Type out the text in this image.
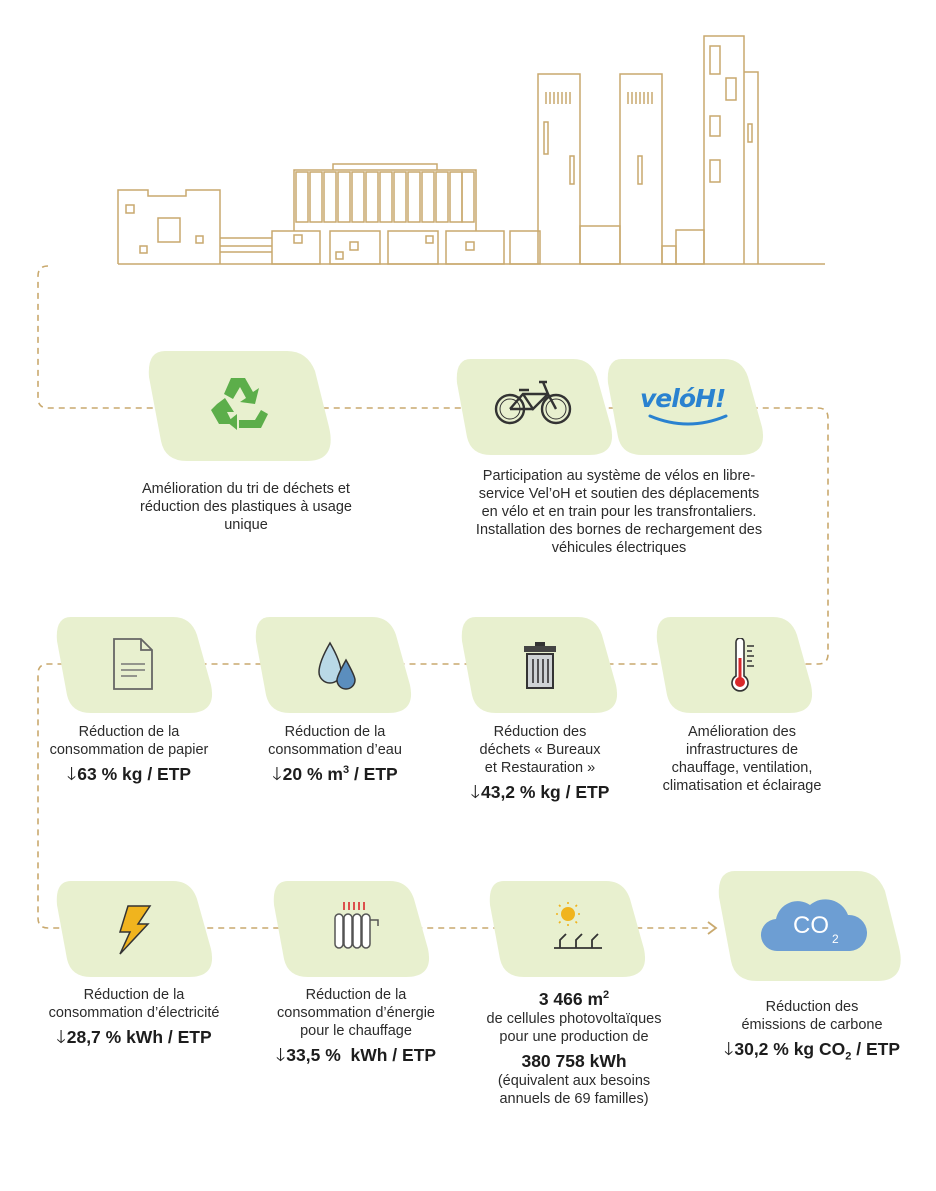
velóH!
CO 2
Amélioration du tri de déchets et réduction des plastiques à usage unique
Participation au système de vélos en libre-service Vel’oH et soutien des déplacements en vélo et en train pour les transfrontaliers. Installation des bornes de rechargement des véhicules électriques
Réduction de la consommation de papier
🡓63 % kg / ETP
Réduction de la consommation d’eau
🡓20 % $m^3$ / ETP
Réduction des déchets « Bureaux et Restauration »
🡓43,2 % kg / ETP
Amélioration des infrastructures de chauffage, ventilation, climatisation et éclairage
Réduction de la consommation d’électricité
🡓28,7 % kWh / ETP
Réduction de la consommation d’énergie pour le chauffage
🡓33,5 %  kWh / ETP
3 466 $m^2$
de cellules photovoltaïques pour une production de
380 758 kWh
(équivalent aux besoins annuels de 69 familles)
Réduction des émissions de carbone
🡓30,2 % kg $CO_2$ / ETP
